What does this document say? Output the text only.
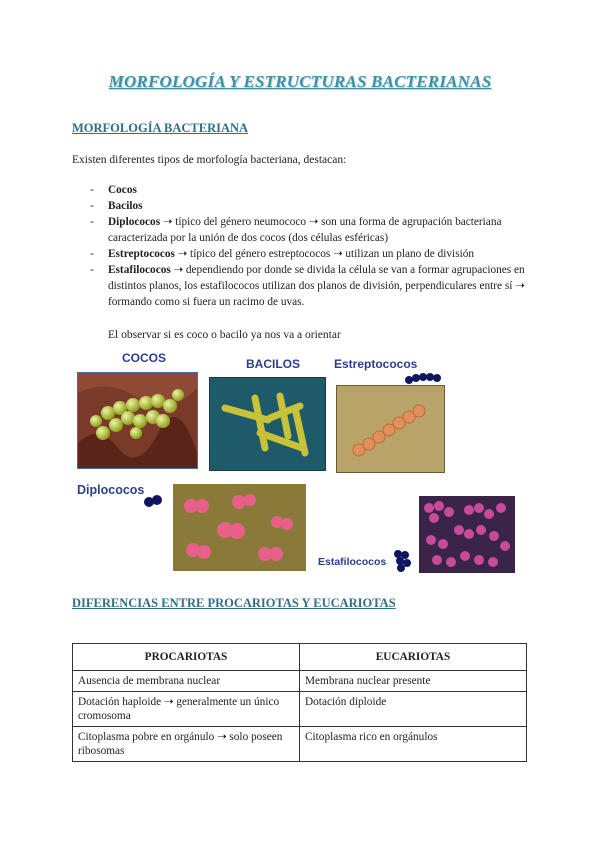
MORFOLOGÍA Y ESTRUCTURAS BACTERIANAS
MORFOLOGÍA BACTERIANA
Existen diferentes tipos de morfología bacteriana, destacan:
- Cocos
- Bacilos
- Diplococos ➝ típico del género neumococo ➝ son una forma de agrupación bacteriana caracterizada por la unión de dos cocos (dos células esféricas)
- Estreptococos ➝ típico del género estreptococos ➝ utilizan un plano de división
- Estafilococos ➝ dependiendo por donde se divida la célula se van a formar agrupaciones en distintos planos, los estafilococos utilizan dos planos de división, perpendiculares entre sí ➝ formando como si fuera un racimo de uvas.
El observar si es coco o bacilo ya nos va a orientar
COCOS	BACILOS	Estreptococos
Diplococos
Estafilococos
DIFERENCIAS ENTRE PROCARIOTAS Y EUCARIOTAS
PROCARIOTAS	EUCARIOTAS
Ausencia de membrana nuclear	Membrana nuclear presente
Dotación haploide ➝ generalmente un único cromosoma	Dotación diploide
Citoplasma pobre en orgánulo ➝ solo poseen ribosomas	Citoplasma rico en orgánulos
